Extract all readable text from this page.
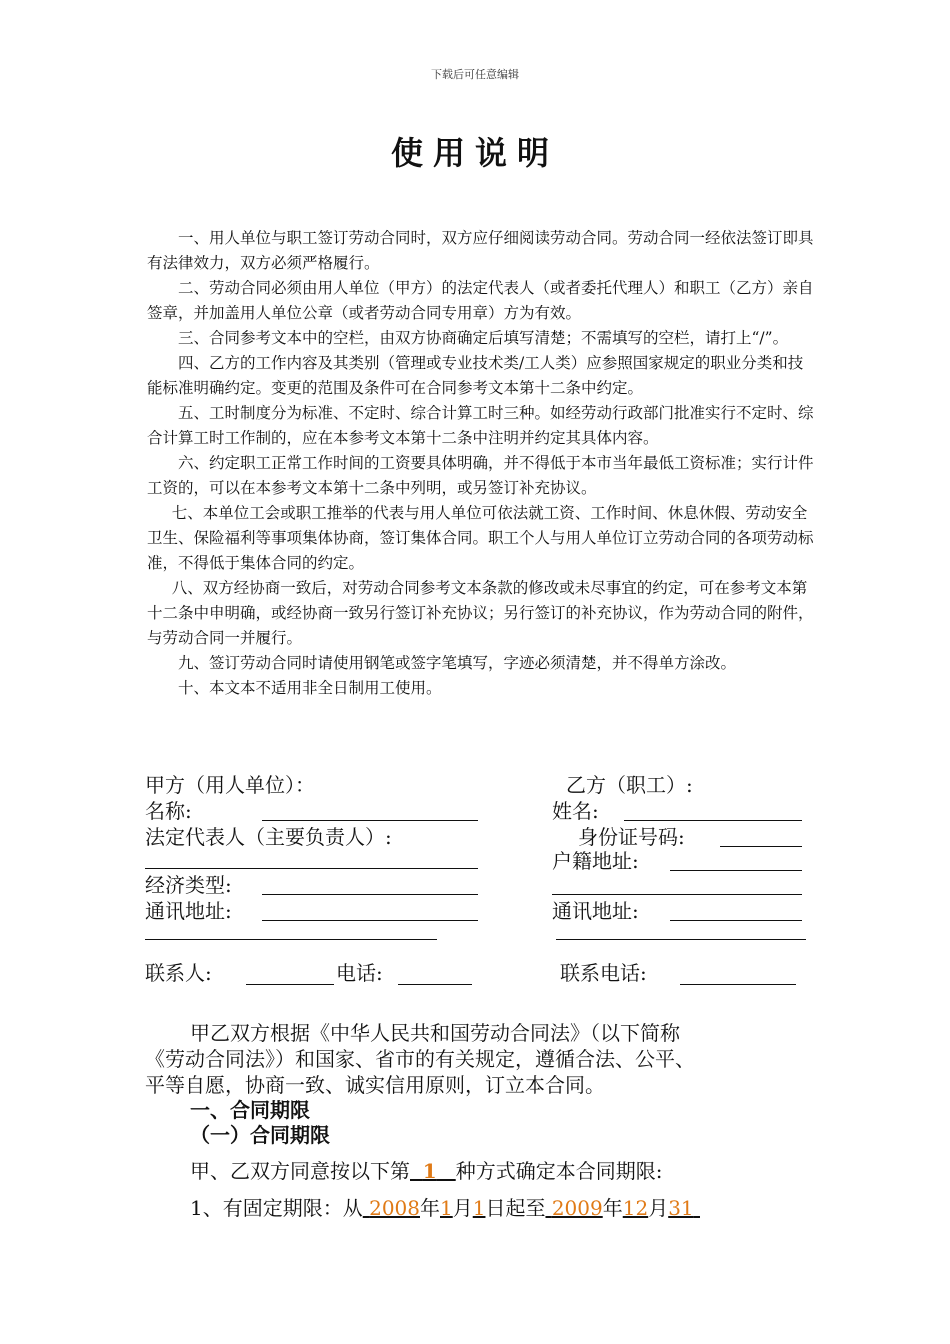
下载后可任意编辑
使用说明

一、用人单位与职工签订劳动合同时，双方应仔细阅读劳动合同。劳动合同一经依法签订即具有法律效力，双方必须严格履行。

二、劳动合同必须由用人单位（甲方）的法定代表人（或者委托代理人）和职工（乙方）亲自签章，并加盖用人单位公章（或者劳动合同专用章）方为有效。

三、合同参考文本中的空栏，由双方协商确定后填写清楚；不需填写的空栏，请打上“/”。

四、乙方的工作内容及其类别（管理或专业技术类/工人类）应参照国家规定的职业分类和技能标准明确约定。变更的范围及条件可在合同参考文本第十二条中约定。

五、工时制度分为标准、不定时、综合计算工时三种。如经劳动行政部门批准实行不定时、综合计算工时工作制的，应在本参考文本第十二条中注明并约定其具体内容。

六、约定职工正常工作时间的工资要具体明确，并不得低于本市当年最低工资标准；实行计件工资的，可以在本参考文本第十二条中列明，或另签订补充协议。

七、本单位工会或职工推举的代表与用人单位可依法就工资、工作时间、休息休假、劳动安全卫生、保险福利等事项集体协商，签订集体合同。职工个人与用人单位订立劳动合同的各项劳动标准，不得低于集体合同的约定。

八、双方经协商一致后，对劳动合同参考文本条款的修改或未尽事宜的约定，可在参考文本第十二条中申明确，或经协商一致另行签订补充协议；另行签订的补充协议，作为劳动合同的附件，与劳动合同一并履行。

九、签订劳动合同时请使用钢笔或签字笔填写，字迹必须清楚，并不得单方涂改。

十、本文本不适用非全日制用工使用。

甲方（用人单位）：
名称:
法定代表人（主要负责人）:
经济类型:
通讯地址:
联系人:	电话:
乙方（职工）:
姓名:
身份证号码:
户籍地址:
通讯地址:
联系电话:
甲乙双方根据《中华人民共和国劳动合同法》（以下简称
《劳动合同法》）和国家、省市的有关规定，遵循合法、公平、
平等自愿，协商一致、诚实信用原则，订立本合同。
一、合同期限
（一）合同期限
甲、乙双方同意按以下第 1 种方式确定本合同期限:
1、有固定期限：从 2008年1月1日起至 2009年12月31
